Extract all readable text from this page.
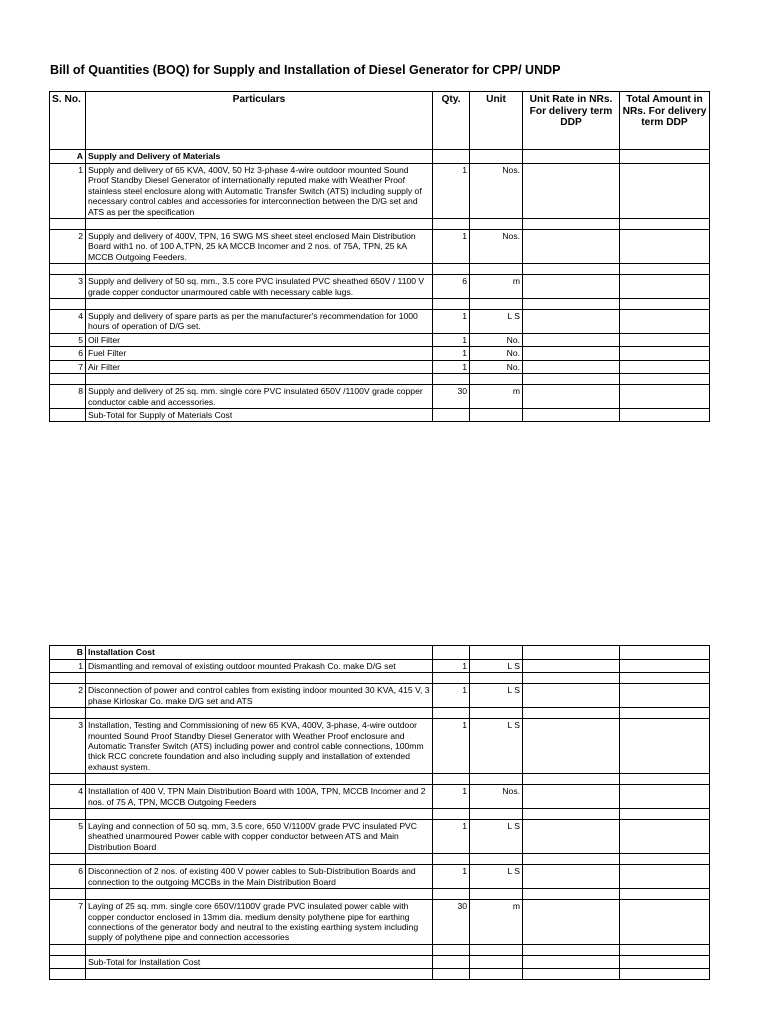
Bill of Quantities (BOQ) for Supply and Installation of Diesel Generator for CPP/ UNDP
S. No.	Particulars	Qty.	Unit	Unit Rate in NRs. For delivery term DDP	Total Amount in NRs. For delivery term DDP
A	Supply and Delivery of Materials				
1	Supply and delivery of 65 KVA, 400V, 50 Hz 3-phase 4-wire outdoor mounted Sound Proof Standby Diesel Generator of internationally reputed make with Weather Proof stainless steel enclosure along with Automatic Transfer Switch (ATS) including supply of necessary control cables and accessories for interconnection between the D/G set and ATS as per the specification	1	Nos.		

2	Supply and delivery of 400V, TPN, 16 SWG MS sheet steel enclosed Main Distribution Board with1 no. of 100 A,TPN, 25 kA MCCB Incomer and 2 nos. of 75A, TPN, 25 kA MCCB Outgoing Feeders.	1	Nos.		

3	Supply and delivery of 50 sq. mm., 3.5 core PVC insulated PVC sheathed 650V / 1100 V grade copper conductor unarmoured cable with necessary cable lugs.	6	m		

4	Supply and delivery of spare parts as per the manufacturer's recommendation for 1000 hours of operation of D/G set.	1	L S		
5	Oil Filter	1	No.		
6	Fuel Filter	1	No.		
7	Air Filter	1	No.		

8	Supply and delivery of 25 sq. mm. single core PVC insulated 650V /1100V grade copper conductor cable and accessories.	30	m		
	Sub-Total for Supply of Materials Cost				
B	Installation Cost				
1	Dismantling and removal of existing outdoor mounted Prakash Co. make D/G set	1	L S		

2	Disconnection of power and control cables from existing indoor mounted 30 KVA, 415 V, 3 phase Kirloskar Co. make D/G set and ATS	1	L S		

3	Installation, Testing and Commissioning of new 65 KVA, 400V, 3-phase, 4-wire outdoor mounted Sound Proof Standby Diesel Generator with Weather Proof enclosure and Automatic Transfer Switch (ATS) including power and control cable connections, 100mm thick RCC concrete foundation and also including supply and installation of extended exhaust system.	1	L S		

4	Installation of 400 V, TPN Main Distribution Board with 100A, TPN, MCCB Incomer and 2 nos. of 75 A, TPN, MCCB Outgoing Feeders	1	Nos.		

5	Laying and connection of 50 sq. mm, 3.5 core, 650 V/1100V grade PVC insulated PVC sheathed unarmoured Power cable with copper conductor between ATS and Main Distribution Board	1	L S		

6	Disconnection of 2 nos. of existing 400 V power cables to Sub-Distribution Boards and connection to the outgoing MCCBs in the Main Distribution Board	1	L S		

7	Laying of 25 sq. mm. single core 650V/1100V grade PVC insulated power cable with copper conductor enclosed in 13mm dia. medium density polythene pipe for earthing connections of the generator body and neutral to the existing earthing system including supply of polythene pipe and connection accessories	30	m		

	Sub-Total for Installation Cost				
